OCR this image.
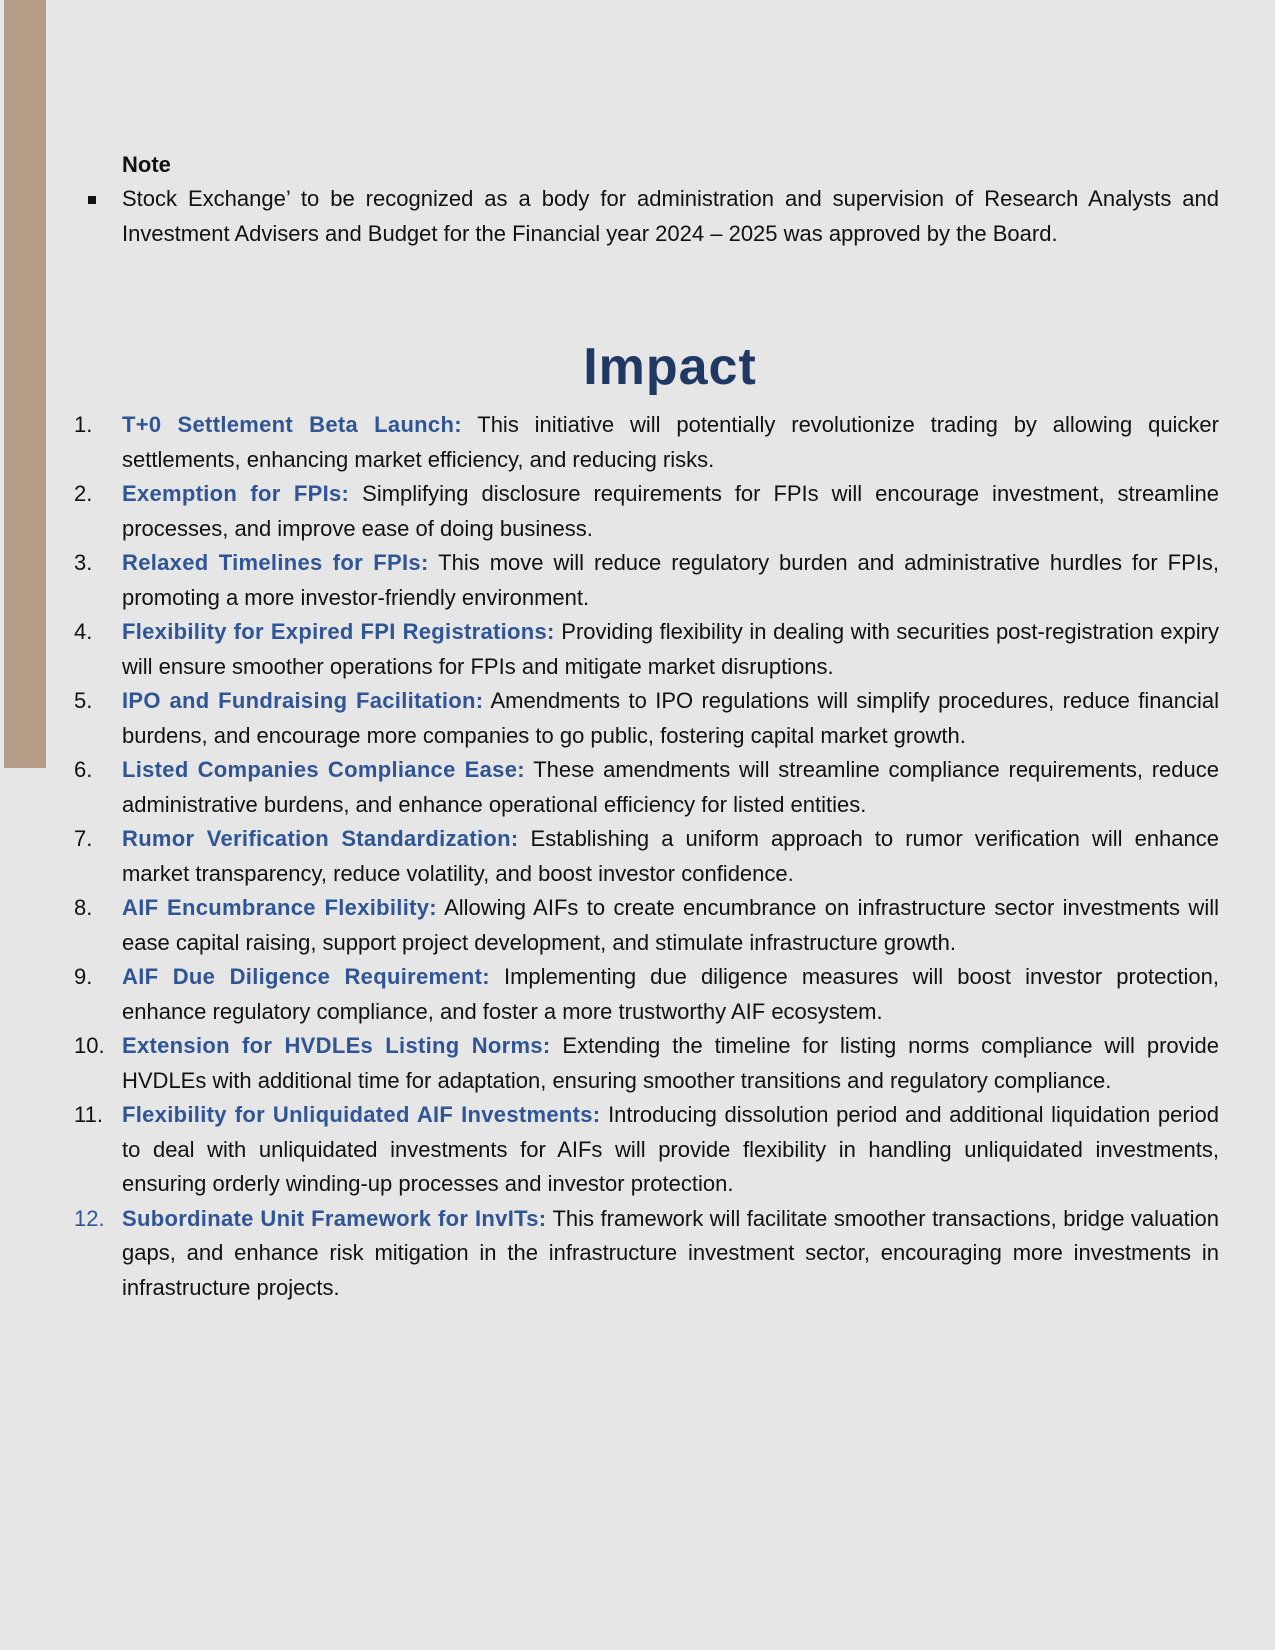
Note

Stock Exchange’ to be recognized as a body for administration and supervision of Research Analysts and Investment Advisers and Budget for the Financial year 2024 – 2025 was approved by the Board.

Impact
1.	T+0 Settlement Beta Launch: This initiative will potentially revolutionize trading by allowing quicker settlements, enhancing market efficiency, and reducing risks.
2.	Exemption for FPIs: Simplifying disclosure requirements for FPIs will encourage investment, streamline processes, and improve ease of doing business.
3.	Relaxed Timelines for FPIs: This move will reduce regulatory burden and administrative hurdles for FPIs, promoting a more investor-friendly environment.
4.	Flexibility for Expired FPI Registrations: Providing flexibility in dealing with securities post-registration expiry will ensure smoother operations for FPIs and mitigate market disruptions.
5.	IPO and Fundraising Facilitation: Amendments to IPO regulations will simplify procedures, reduce financial burdens, and encourage more companies to go public, fostering capital market growth.
6.	Listed Companies Compliance Ease: These amendments will streamline compliance requirements, reduce administrative burdens, and enhance operational efficiency for listed entities.
7.	Rumor Verification Standardization: Establishing a uniform approach to rumor verification will enhance market transparency, reduce volatility, and boost investor confidence.
8.	AIF Encumbrance Flexibility: Allowing AIFs to create encumbrance on infrastructure sector investments will ease capital raising, support project development, and stimulate infrastructure growth.
9.	AIF Due Diligence Requirement: Implementing due diligence measures will boost investor protection, enhance regulatory compliance, and foster a more trustworthy AIF ecosystem.
10. Extension for HVDLEs Listing Norms: Extending the timeline for listing norms compliance will provide HVDLEs with additional time for adaptation, ensuring smoother transitions and regulatory compliance.
11. Flexibility for Unliquidated AIF Investments: Introducing dissolution period and additional liquidation period to deal with unliquidated investments for AIFs will provide flexibility in handling unliquidated investments, ensuring orderly winding-up processes and investor protection.
12. Subordinate Unit Framework for InvITs: This framework will facilitate smoother transactions, bridge valuation gaps, and enhance risk mitigation in the infrastructure investment sector, encouraging more investments in infrastructure projects.
